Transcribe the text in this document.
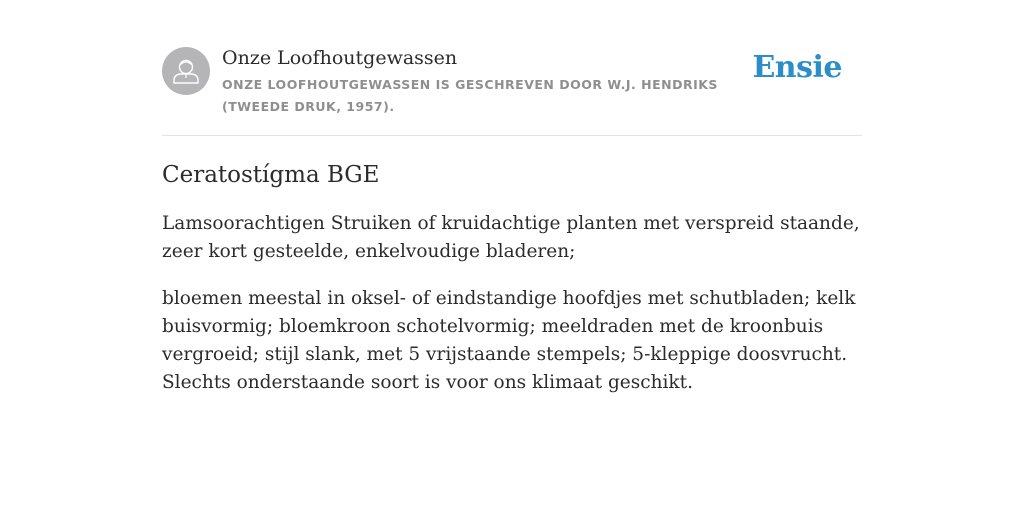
Onze Loofhoutgewassen

ONZE LOOFHOUTGEWASSEN IS GESCHREVEN DOOR W.J. HENDRIKS (TWEEDE DRUK, 1957).

Ensie
Ceratostígma BGE

Lamsoorachtigen Struiken of kruidachtige planten met verspreid staande, zeer kort gesteelde, enkelvoudige bladeren;

bloemen meestal in oksel- of eindstandige hoofdjes met schutbladen; kelk buisvormig; bloemkroon schotelvormig; meeldraden met de kroonbuis vergroeid; stijl slank, met 5 vrijstaande stempels; 5-kleppige doosvrucht. Slechts onderstaande soort is voor ons klimaat geschikt.
